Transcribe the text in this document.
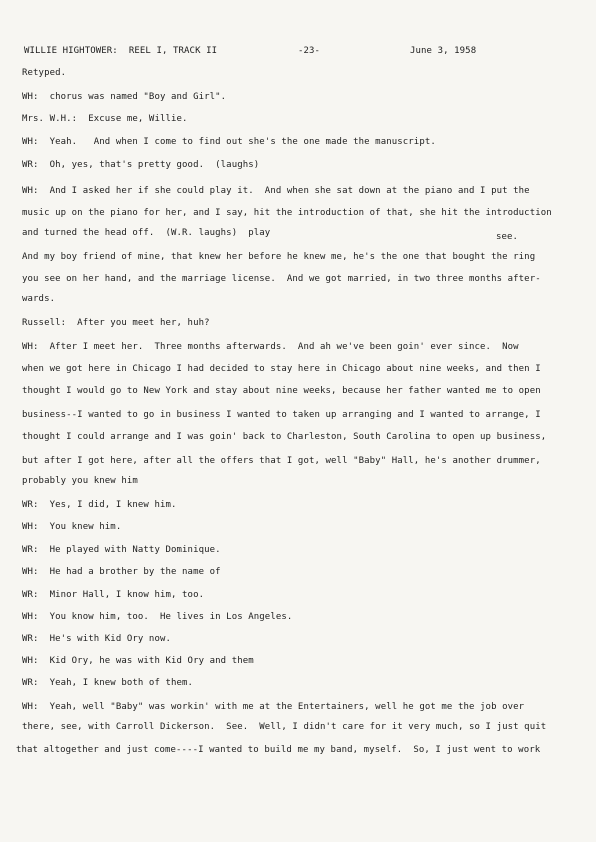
WILLIE HIGHTOWER:  REEL I, TRACK II	-23-	June 3, 1958
Retyped.
WH:  chorus was named "Boy and Girl".
Mrs. W.H.:  Excuse me, Willie.
WH:  Yeah.   And when I come to find out she's the one made the manuscript.
WR:  Oh, yes, that's pretty good.  (laughs)
WH:  And I asked her if she could play it.  And when she sat down at the piano and I put the
music up on the piano for her, and I say, hit the introduction of that, she hit the introduction
and turned the head off.  (W.R. laughs)  play	see.
And my boy friend of mine, that knew her before he knew me, he's the one that bought the ring
you see on her hand, and the marriage license.  And we got married, in two three months after-
wards.
Russell:  After you meet her, huh?
WH:  After I meet her.  Three months afterwards.  And ah we've been goin' ever since.  Now
when we got here in Chicago I had decided to stay here in Chicago about nine weeks, and then I
thought I would go to New York and stay about nine weeks, because her father wanted me to open
business--I wanted to go in business I wanted to taken up arranging and I wanted to arrange, I
thought I could arrange and I was goin' back to Charleston, South Carolina to open up business,
but after I got here, after all the offers that I got, well "Baby" Hall, he's another drummer,
probably you knew him
WR:  Yes, I did, I knew him.
WH:  You knew him.
WR:  He played with Natty Dominique.
WH:  He had a brother by the name of
WR:  Minor Hall, I know him, too.
WH:  You know him, too.  He lives in Los Angeles.
WR:  He's with Kid Ory now.
WH:  Kid Ory, he was with Kid Ory and them
WR:  Yeah, I knew both of them.
WH:  Yeah, well "Baby" was workin' with me at the Entertainers, well he got me the job over
there, see, with Carroll Dickerson.  See.  Well, I didn't care for it very much, so I just quit
that altogether and just come----I wanted to build me my band, myself.  So, I just went to work
